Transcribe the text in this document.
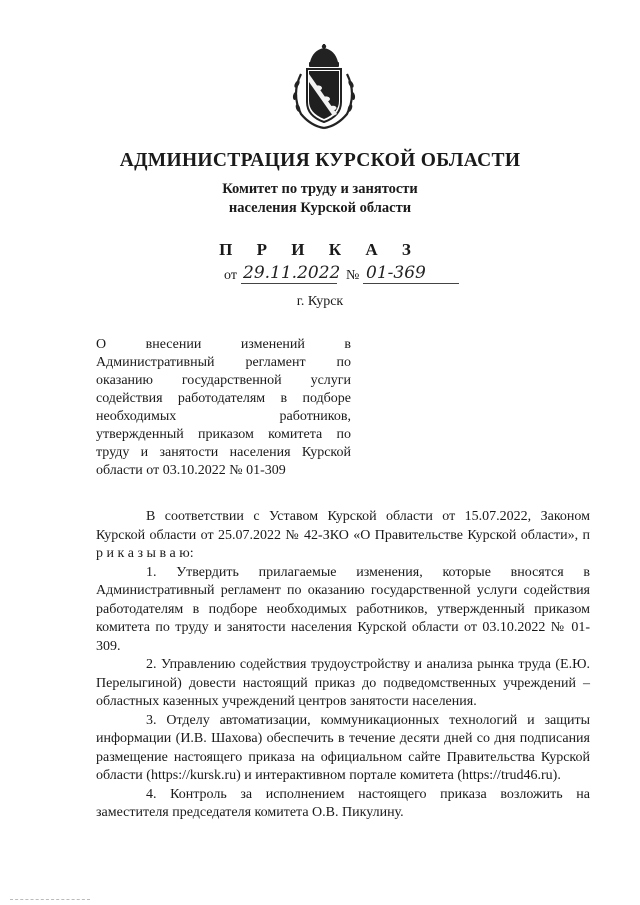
АДМИНИСТРАЦИЯ КУРСКОЙ ОБЛАСТИ
Комитет по труду и занятости
населения Курской области
П Р И К А З
от 29.11.2022 № 01-369
г. Курск
О внесении изменений в
Административный регламент по
оказанию государственной услуги
содействия работодателям в подборе
необходимых работников,
утвержденный приказом комитета по
труду и занятости населения Курской
области от 03.10.2022 № 01-309

В соответствии с Уставом Курской области от 15.07.2022, Законом Курской области от 25.07.2022 № 42-ЗКО «О Правительстве Курской области», п р и к а з ы в а ю:

1. Утвердить прилагаемые изменения, которые вносятся в Административный регламент по оказанию государственной услуги содействия работодателям в подборе необходимых работников, утвержденный приказом комитета по труду и занятости населения Курской области от 03.10.2022 № 01-309.

2. Управлению содействия трудоустройству и анализа рынка труда (Е.Ю. Перелыгиной) довести настоящий приказ до подведомственных учреждений – областных казенных учреждений центров занятости населения.

3. Отделу автоматизации, коммуникационных технологий и защиты информации (И.В. Шахова) обеспечить в течение десяти дней со дня подписания размещение настоящего приказа на официальном сайте Правительства Курской области (https://kursk.ru) и интерактивном портале комитета (https://trud46.ru).

4. Контроль за исполнением настоящего приказа возложить на заместителя председателя комитета О.В. Пикулину.
